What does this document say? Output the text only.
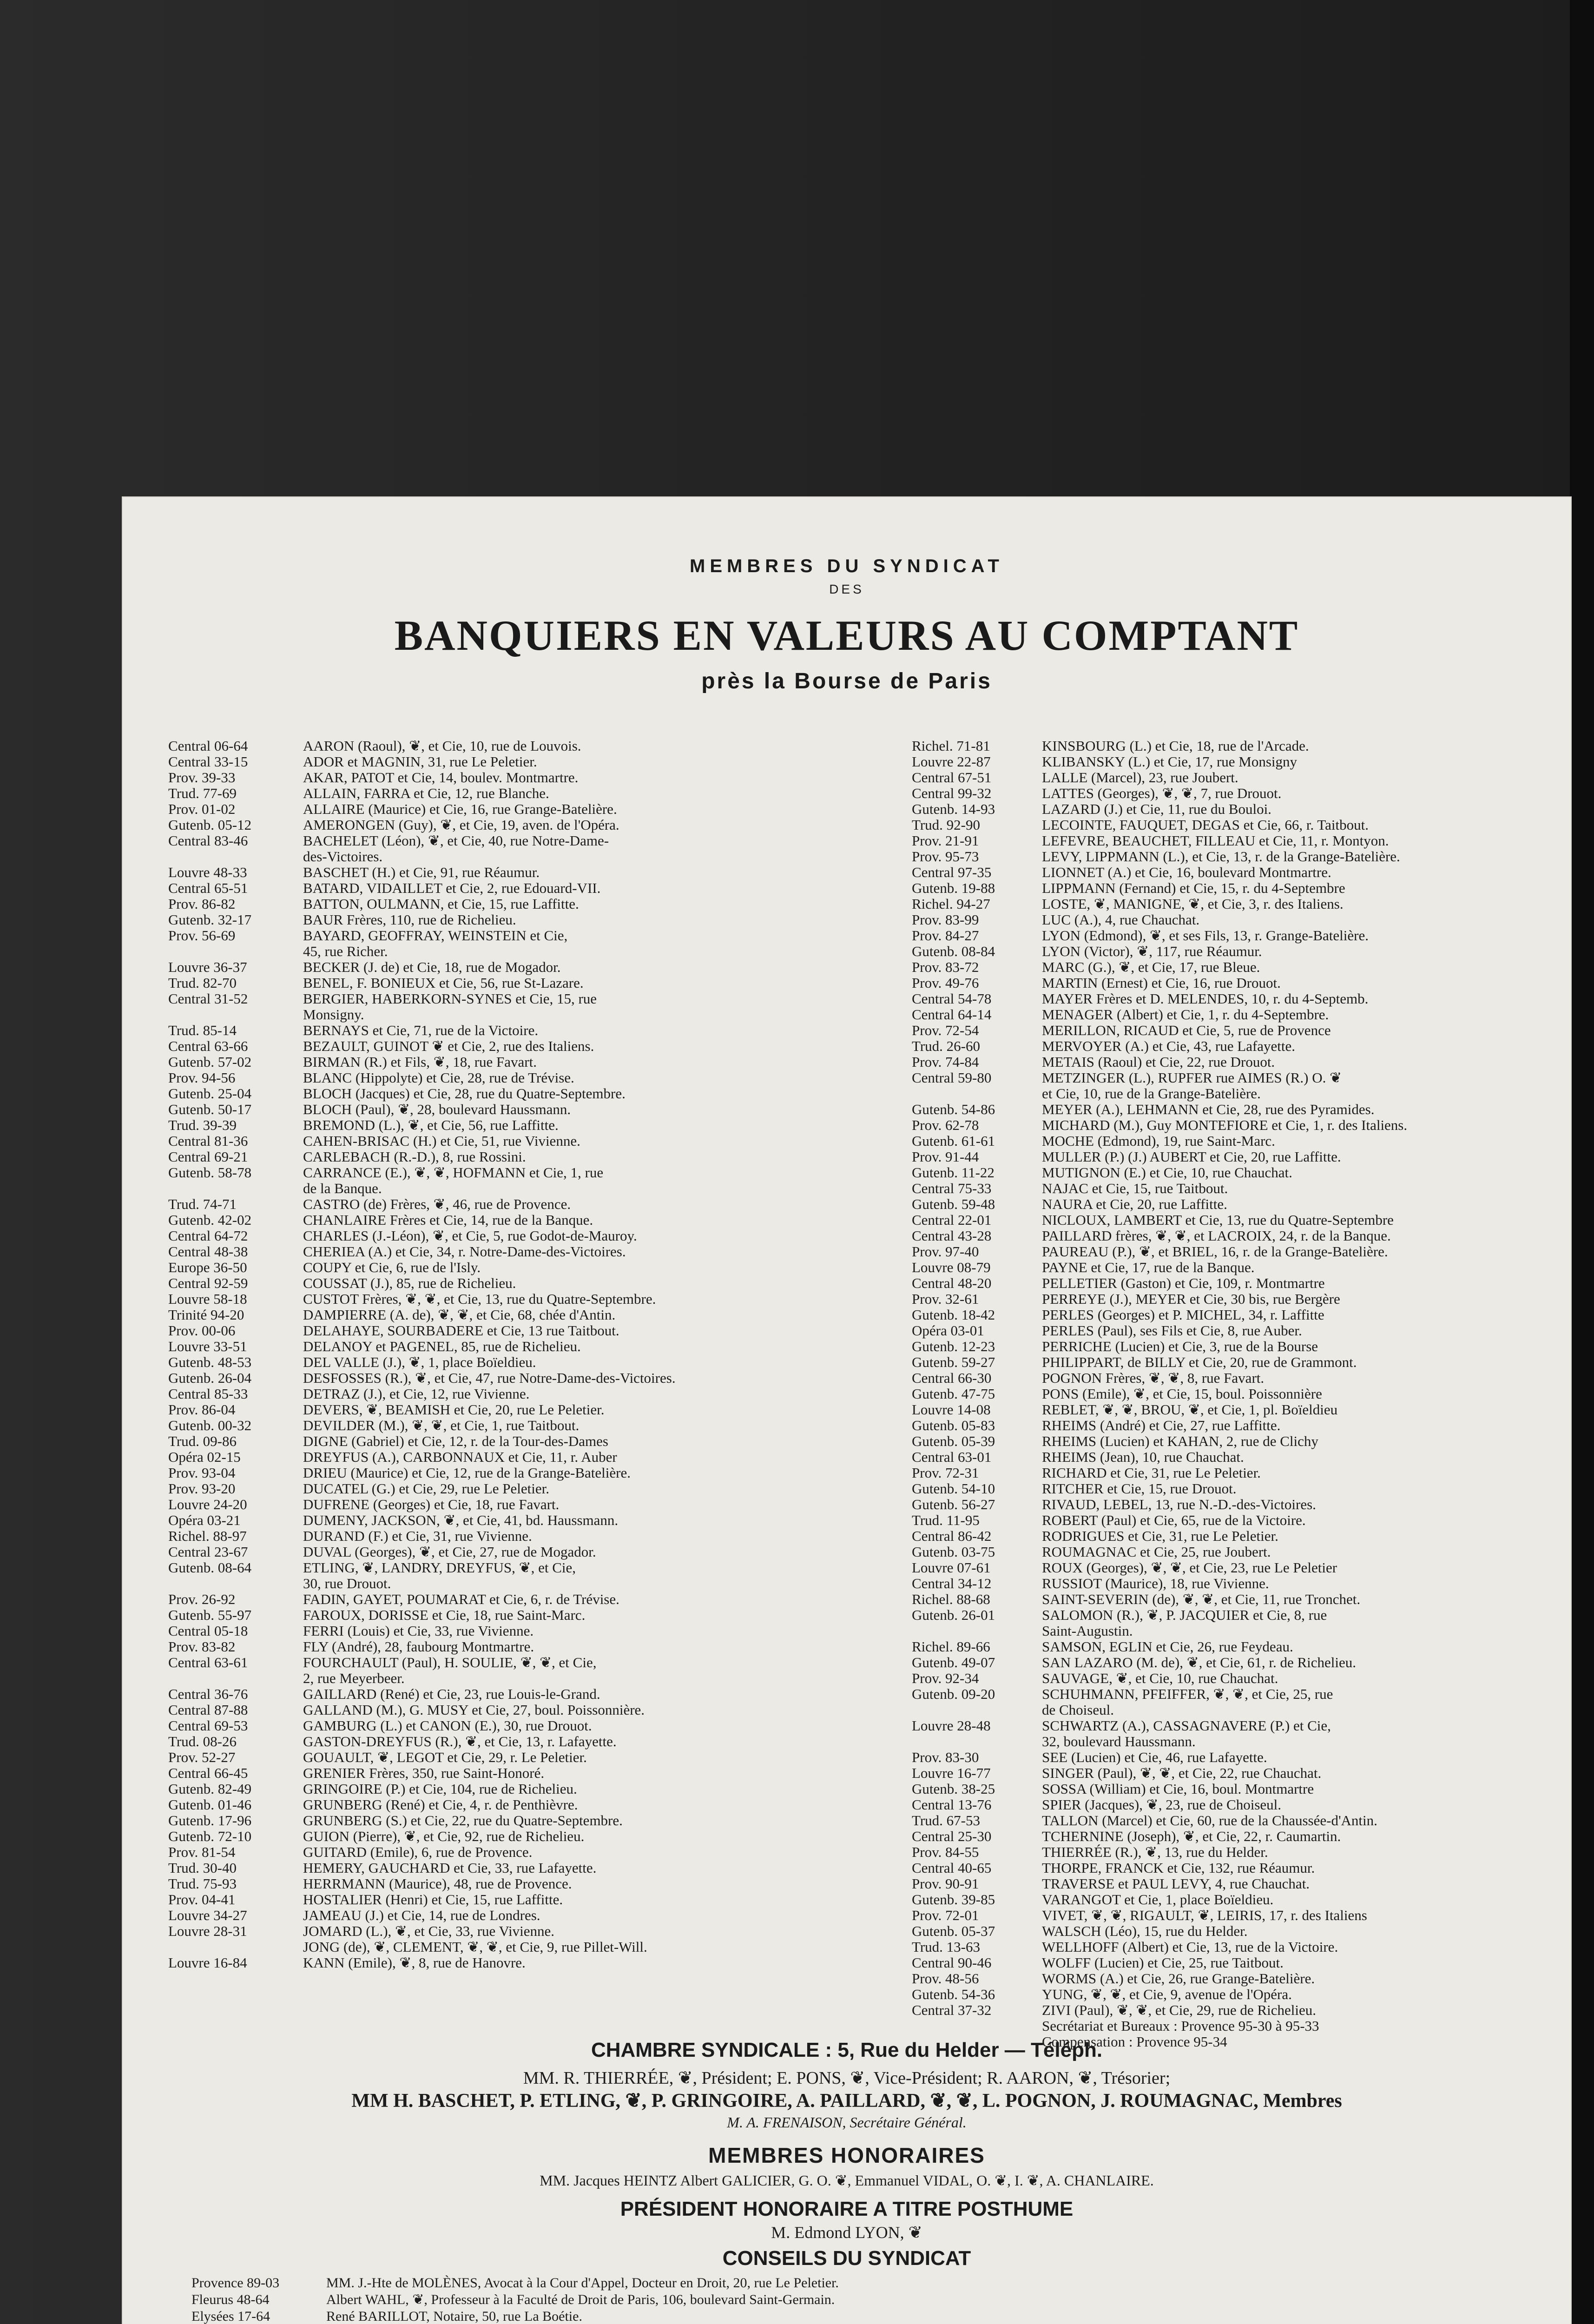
MEMBRES DU SYNDICAT
DES
BANQUIERS EN VALEURS AU COMPTANT
près la Bourse de Paris
Central 06-64	AARON (Raoul), ❦, et Cie, 10, rue de Louvois.
Central 33-15	ADOR et MAGNIN, 31, rue Le Peletier.
Prov. 39-33	AKAR, PATOT et Cie, 14, boulev. Montmartre.
Trud. 77-69	ALLAIN, FARRA et Cie, 12, rue Blanche.
Prov. 01-02	ALLAIRE (Maurice) et Cie, 16, rue Grange-Batelière.
Gutenb. 05-12	AMERONGEN (Guy), ❦, et Cie, 19, aven. de l'Opéra.
Central 83-46	BACHELET (Léon), ❦, et Cie, 40, rue Notre-Dame-
des-Victoires.
Louvre 48-33	BASCHET (H.) et Cie, 91, rue Réaumur.
Central 65-51	BATARD, VIDAILLET et Cie, 2, rue Edouard-VII.
Prov. 86-82	BATTON, OULMANN, et Cie, 15, rue Laffitte.
Gutenb. 32-17	BAUR Frères, 110, rue de Richelieu.
Prov. 56-69	BAYARD, GEOFFRAY, WEINSTEIN et Cie,
45, rue Richer.
Louvre 36-37	BECKER (J. de) et Cie, 18, rue de Mogador.
Trud. 82-70	BENEL, F. BONIEUX et Cie, 56, rue St-Lazare.
Central 31-52	BERGIER, HABERKORN-SYNES et Cie, 15, rue
Monsigny.
Trud. 85-14	BERNAYS et Cie, 71, rue de la Victoire.
Central 63-66	BEZAULT, GUINOT ❦ et Cie, 2, rue des Italiens.
Gutenb. 57-02	BIRMAN (R.) et Fils, ❦, 18, rue Favart.
Prov. 94-56	BLANC (Hippolyte) et Cie, 28, rue de Trévise.
Gutenb. 25-04	BLOCH (Jacques) et Cie, 28, rue du Quatre-Septembre.
Gutenb. 50-17	BLOCH (Paul), ❦, 28, boulevard Haussmann.
Trud. 39-39	BREMOND (L.), ❦, et Cie, 56, rue Laffitte.
Central 81-36	CAHEN-BRISAC (H.) et Cie, 51, rue Vivienne.
Central 69-21	CARLEBACH (R.-D.), 8, rue Rossini.
Gutenb. 58-78	CARRANCE (E.), ❦, ❦, HOFMANN et Cie, 1, rue
de la Banque.
Trud. 74-71	CASTRO (de) Frères, ❦, 46, rue de Provence.
Gutenb. 42-02	CHANLAIRE Frères et Cie, 14, rue de la Banque.
Central 64-72	CHARLES (J.-Léon), ❦, et Cie, 5, rue Godot-de-Mauroy.
Central 48-38	CHERIEA (A.) et Cie, 34, r. Notre-Dame-des-Victoires.
Europe 36-50	COUPY et Cie, 6, rue de l'Isly.
Central 92-59	COUSSAT (J.), 85, rue de Richelieu.
Louvre 58-18	CUSTOT Frères, ❦, ❦, et Cie, 13, rue du Quatre-Septembre.
Trinité 94-20	DAMPIERRE (A. de), ❦, ❦, et Cie, 68, chée d'Antin.
Prov. 00-06	DELAHAYE, SOURBADERE et Cie, 13 rue Taitbout.
Louvre 33-51	DELANOY et PAGENEL, 85, rue de Richelieu.
Gutenb. 48-53	DEL VALLE (J.), ❦, 1, place Boïeldieu.
Gutenb. 26-04	DESFOSSES (R.), ❦, et Cie, 47, rue Notre-Dame-des-Victoires.
Central 85-33	DETRAZ (J.), et Cie, 12, rue Vivienne.
Prov. 86-04	DEVERS, ❦, BEAMISH et Cie, 20, rue Le Peletier.
Gutenb. 00-32	DEVILDER (M.), ❦, ❦, et Cie, 1, rue Taitbout.
Trud. 09-86	DIGNE (Gabriel) et Cie, 12, r. de la Tour-des-Dames
Opéra 02-15	DREYFUS (A.), CARBONNAUX et Cie, 11, r. Auber
Prov. 93-04	DRIEU (Maurice) et Cie, 12, rue de la Grange-Batelière.
Prov. 93-20	DUCATEL (G.) et Cie, 29, rue Le Peletier.
Louvre 24-20	DUFRENE (Georges) et Cie, 18, rue Favart.
Opéra 03-21	DUMENY, JACKSON, ❦, et Cie, 41, bd. Haussmann.
Richel. 88-97	DURAND (F.) et Cie, 31, rue Vivienne.
Central 23-67	DUVAL (Georges), ❦, et Cie, 27, rue de Mogador.
Gutenb. 08-64	ETLING, ❦, LANDRY, DREYFUS, ❦, et Cie,
30, rue Drouot.
Prov. 26-92	FADIN, GAYET, POUMARAT et Cie, 6, r. de Trévise.
Gutenb. 55-97	FAROUX, DORISSE et Cie, 18, rue Saint-Marc.
Central 05-18	FERRI (Louis) et Cie, 33, rue Vivienne.
Prov. 83-82	FLY (André), 28, faubourg Montmartre.
Central 63-61	FOURCHAULT (Paul), H. SOULIE, ❦, ❦, et Cie,
2, rue Meyerbeer.
Central 36-76	GAILLARD (René) et Cie, 23, rue Louis-le-Grand.
Central 87-88	GALLAND (M.), G. MUSY et Cie, 27, boul. Poissonnière.
Central 69-53	GAMBURG (L.) et CANON (E.), 30, rue Drouot.
Trud. 08-26	GASTON-DREYFUS (R.), ❦, et Cie, 13, r. Lafayette.
Prov. 52-27	GOUAULT, ❦, LEGOT et Cie, 29, r. Le Peletier.
Central 66-45	GRENIER Frères, 350, rue Saint-Honoré.
Gutenb. 82-49	GRINGOIRE (P.) et Cie, 104, rue de Richelieu.
Gutenb. 01-46	GRUNBERG (René) et Cie, 4, r. de Penthièvre.
Gutenb. 17-96	GRUNBERG (S.) et Cie, 22, rue du Quatre-Septembre.
Gutenb. 72-10	GUION (Pierre), ❦, et Cie, 92, rue de Richelieu.
Prov. 81-54	GUITARD (Emile), 6, rue de Provence.
Trud. 30-40	HEMERY, GAUCHARD et Cie, 33, rue Lafayette.
Trud. 75-93	HERRMANN (Maurice), 48, rue de Provence.
Prov. 04-41	HOSTALIER (Henri) et Cie, 15, rue Laffitte.
Louvre 34-27	JAMEAU (J.) et Cie, 14, rue de Londres.
Louvre 28-31	JOMARD (L.), ❦, et Cie, 33, rue Vivienne.
JONG (de), ❦, CLEMENT, ❦, ❦, et Cie, 9, rue Pillet-Will.
Louvre 16-84	KANN (Emile), ❦, 8, rue de Hanovre.
Richel. 71-81	KINSBOURG (L.) et Cie, 18, rue de l'Arcade.
Louvre 22-87	KLIBANSKY (L.) et Cie, 17, rue Monsigny
Central 67-51	LALLE (Marcel), 23, rue Joubert.
Central 99-32	LATTES (Georges), ❦, ❦, 7, rue Drouot.
Gutenb. 14-93	LAZARD (J.) et Cie, 11, rue du Bouloi.
Trud. 92-90	LECOINTE, FAUQUET, DEGAS et Cie, 66, r. Taitbout.
Prov. 21-91	LEFEVRE, BEAUCHET, FILLEAU et Cie, 11, r. Montyon.
Prov. 95-73	LEVY, LIPPMANN (L.), et Cie, 13, r. de la Grange-Batelière.
Central 97-35	LIONNET (A.) et Cie, 16, boulevard Montmartre.
Gutenb. 19-88	LIPPMANN (Fernand) et Cie, 15, r. du 4-Septembre
Richel. 94-27	LOSTE, ❦, MANIGNE, ❦, et Cie, 3, r. des Italiens.
Prov. 83-99	LUC (A.), 4, rue Chauchat.
Prov. 84-27	LYON (Edmond), ❦, et ses Fils, 13, r. Grange-Batelière.
Gutenb. 08-84	LYON (Victor), ❦, 117, rue Réaumur.
Prov. 83-72	MARC (G.), ❦, et Cie, 17, rue Bleue.
Prov. 49-76	MARTIN (Ernest) et Cie, 16, rue Drouot.
Central 54-78	MAYER Frères et D. MELENDES, 10, r. du 4-Septemb.
Central 64-14	MENAGER (Albert) et Cie, 1, r. du 4-Septembre.
Prov. 72-54	MERILLON, RICAUD et Cie, 5, rue de Provence
Trud. 26-60	MERVOYER (A.) et Cie, 43, rue Lafayette.
Prov. 74-84	METAIS (Raoul) et Cie, 22, rue Drouot.
Central 59-80	METZINGER (L.), RUPFER rue AIMES (R.) O. ❦
et Cie, 10, rue de la Grange-Batelière.
Gutenb. 54-86	MEYER (A.), LEHMANN et Cie, 28, rue des Pyramides.
Prov. 62-78	MICHARD (M.), Guy MONTEFIORE et Cie, 1, r. des Italiens.
Gutenb. 61-61	MOCHE (Edmond), 19, rue Saint-Marc.
Prov. 91-44	MULLER (P.) (J.) AUBERT et Cie, 20, rue Laffitte.
Gutenb. 11-22	MUTIGNON (E.) et Cie, 10, rue Chauchat.
Central 75-33	NAJAC et Cie, 15, rue Taitbout.
Gutenb. 59-48	NAURA et Cie, 20, rue Laffitte.
Central 22-01	NICLOUX, LAMBERT et Cie, 13, rue du Quatre-Septembre
Central 43-28	PAILLARD frères, ❦, ❦, et LACROIX, 24, r. de la Banque.
Prov. 97-40	PAUREAU (P.), ❦, et BRIEL, 16, r. de la Grange-Batelière.
Louvre 08-79	PAYNE et Cie, 17, rue de la Banque.
Central 48-20	PELLETIER (Gaston) et Cie, 109, r. Montmartre
Prov. 32-61	PERREYE (J.), MEYER et Cie, 30 bis, rue Bergère
Gutenb. 18-42	PERLES (Georges) et P. MICHEL, 34, r. Laffitte
Opéra 03-01	PERLES (Paul), ses Fils et Cie, 8, rue Auber.
Gutenb. 12-23	PERRICHE (Lucien) et Cie, 3, rue de la Bourse
Gutenb. 59-27	PHILIPPART, de BILLY et Cie, 20, rue de Grammont.
Central 66-30	POGNON Frères, ❦, ❦, 8, rue Favart.
Gutenb. 47-75	PONS (Emile), ❦, et Cie, 15, boul. Poissonnière
Louvre 14-08	REBLET, ❦, ❦, BROU, ❦, et Cie, 1, pl. Boïeldieu
Gutenb. 05-83	RHEIMS (André) et Cie, 27, rue Laffitte.
Gutenb. 05-39	RHEIMS (Lucien) et KAHAN, 2, rue de Clichy
Central 63-01	RHEIMS (Jean), 10, rue Chauchat.
Prov. 72-31	RICHARD et Cie, 31, rue Le Peletier.
Gutenb. 54-10	RITCHER et Cie, 15, rue Drouot.
Gutenb. 56-27	RIVAUD, LEBEL, 13, rue N.-D.-des-Victoires.
Trud. 11-95	ROBERT (Paul) et Cie, 65, rue de la Victoire.
Central 86-42	RODRIGUES et Cie, 31, rue Le Peletier.
Gutenb. 03-75	ROUMAGNAC et Cie, 25, rue Joubert.
Louvre 07-61	ROUX (Georges), ❦, ❦, et Cie, 23, rue Le Peletier
Central 34-12	RUSSIOT (Maurice), 18, rue Vivienne.
Richel. 88-68	SAINT-SEVERIN (de), ❦, ❦, et Cie, 11, rue Tronchet.
Gutenb. 26-01	SALOMON (R.), ❦, P. JACQUIER et Cie, 8, rue
Saint-Augustin.
Richel. 89-66	SAMSON, EGLIN et Cie, 26, rue Feydeau.
Gutenb. 49-07	SAN LAZARO (M. de), ❦, et Cie, 61, r. de Richelieu.
Prov. 92-34	SAUVAGE, ❦, et Cie, 10, rue Chauchat.
Gutenb. 09-20	SCHUHMANN, PFEIFFER, ❦, ❦, et Cie, 25, rue
de Choiseul.
Louvre 28-48	SCHWARTZ (A.), CASSAGNAVERE (P.) et Cie,
32, boulevard Haussmann.
Prov. 83-30	SEE (Lucien) et Cie, 46, rue Lafayette.
Louvre 16-77	SINGER (Paul), ❦, ❦, et Cie, 22, rue Chauchat.
Gutenb. 38-25	SOSSA (William) et Cie, 16, boul. Montmartre
Central 13-76	SPIER (Jacques), ❦, 23, rue de Choiseul.
Trud. 67-53	TALLON (Marcel) et Cie, 60, rue de la Chaussée-d'Antin.
Central 25-30	TCHERNINE (Joseph), ❦, et Cie, 22, r. Caumartin.
Prov. 84-55	THIERRÉE (R.), ❦, 13, rue du Helder.
Central 40-65	THORPE, FRANCK et Cie, 132, rue Réaumur.
Prov. 90-91	TRAVERSE et PAUL LEVY, 4, rue Chauchat.
Gutenb. 39-85	VARANGOT et Cie, 1, place Boïeldieu.
Prov. 72-01	VIVET, ❦, ❦, RIGAULT, ❦, LEIRIS, 17, r. des Italiens
Gutenb. 05-37	WALSCH (Léo), 15, rue du Helder.
Trud. 13-63	WELLHOFF (Albert) et Cie, 13, rue de la Victoire.
Central 90-46	WOLFF (Lucien) et Cie, 25, rue Taitbout.
Prov. 48-56	WORMS (A.) et Cie, 26, rue Grange-Batelière.
Gutenb. 54-36	YUNG, ❦, ❦, et Cie, 9, avenue de l'Opéra.
Central 37-32	ZIVI (Paul), ❦, ❦, et Cie, 29, rue de Richelieu.
Secrétariat et Bureaux : Provence 95-30 à 95-33
Compensation : Provence 95-34
CHAMBRE SYNDICALE : 5, Rue du Helder — Téléph.
MM. R. THIERRÉE, ❦, Président; E. PONS, ❦, Vice-Président; R. AARON, ❦, Trésorier;
MM H. BASCHET, P. ETLING, ❦, P. GRINGOIRE, A. PAILLARD, ❦, ❦, L. POGNON, J. ROUMAGNAC, Membres
M. A. FRENAISON, Secrétaire Général.
MEMBRES HONORAIRES
MM. Jacques HEINTZ Albert GALICIER, G. O. ❦, Emmanuel VIDAL, O. ❦, I. ❦, A. CHANLAIRE.
PRÉSIDENT HONORAIRE A TITRE POSTHUME
M. Edmond LYON, ❦
CONSEILS DU SYNDICAT
Provence 89-03	MM. J.-Hte de MOLÈNES, Avocat à la Cour d'Appel, Docteur en Droit, 20, rue Le Peletier.
Fleurus 48-64	Albert WAHL, ❦, Professeur à la Faculté de Droit de Paris, 106, boulevard Saint-Germain.
Elysées 17-64	René BARILLOT, Notaire, 50, rue La Boétie.
